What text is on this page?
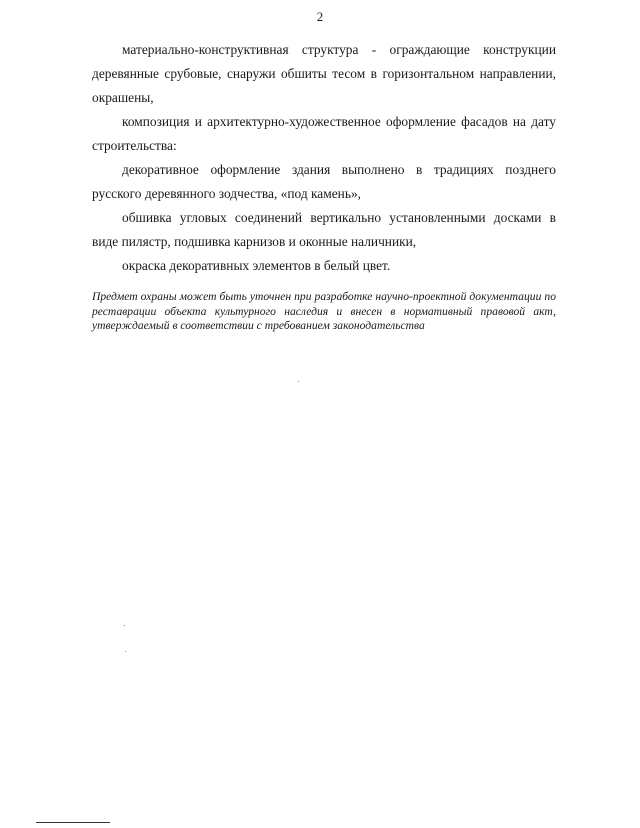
2

материально-конструктивная структура - ограждающие конструкции деревянные срубовые, снаружи обшиты тесом в горизонтальном направлении, окрашены,

композиция и архитектурно-художественное оформление фасадов на дату строительства:

декоративное оформление здания выполнено в традициях позднего русского деревянного зодчества, «под камень»,

обшивка угловых соединений вертикально установленными досками в виде пилястр, подшивка карнизов и оконные наличники,

окраска декоративных элементов в белый цвет.

Предмет охраны может быть уточнен при разработке научно-проектной документации по реставрации объекта культурного наследия и внесен в нормативный правовой акт, утверждаемый в соответствии с требованием законодательства
